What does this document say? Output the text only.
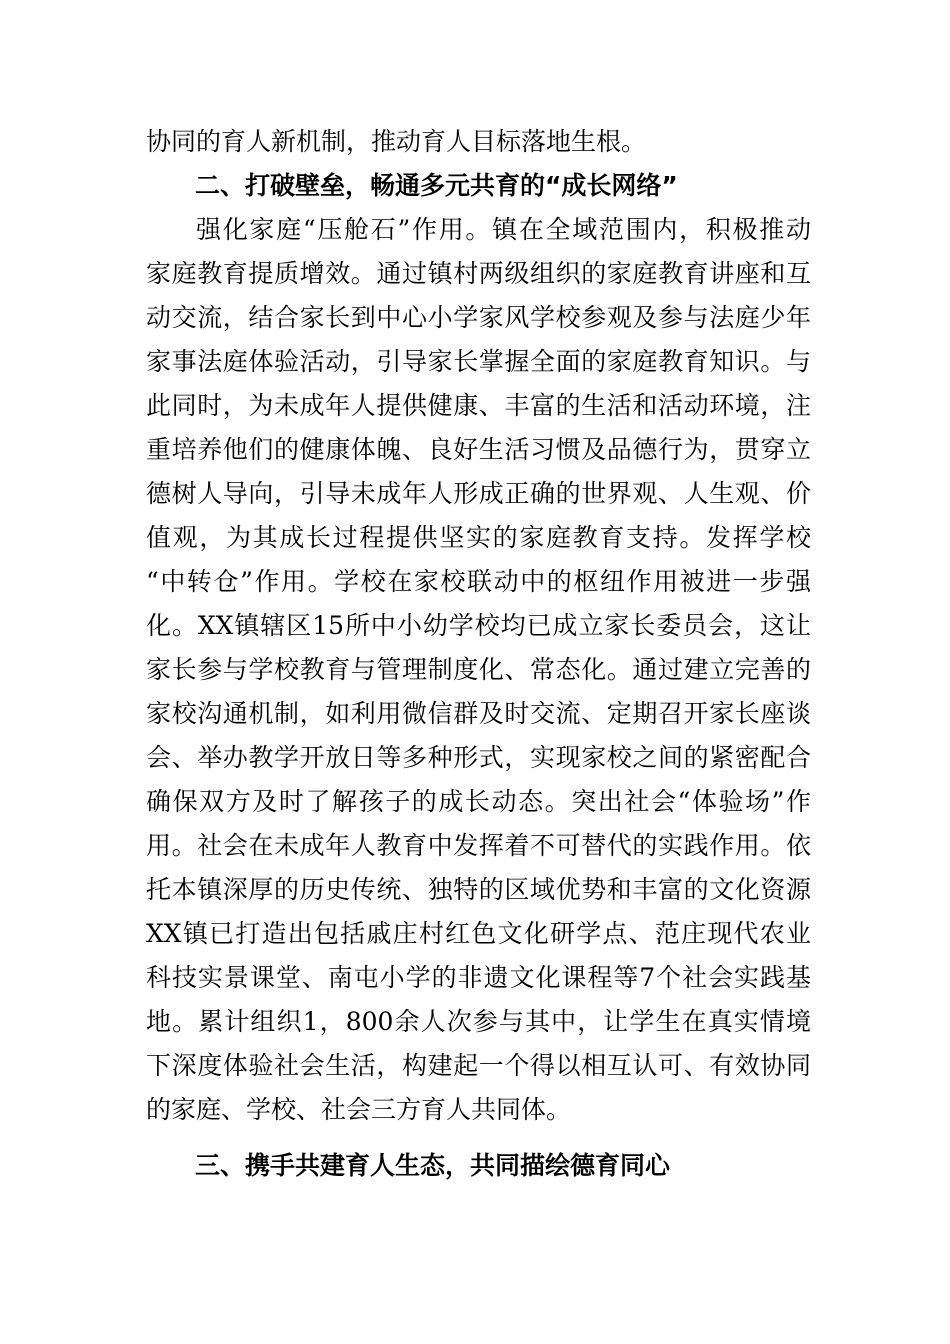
协同的育人新机制，推动育人目标落地生根。
二、打破壁垒，畅通多元共育的“成长网络”
强化家庭“压舱石”作用。镇在全域范围内，积极推动
家庭教育提质增效。通过镇村两级组织的家庭教育讲座和互
动交流，结合家长到中心小学家风学校参观及参与法庭少年
家事法庭体验活动，引导家长掌握全面的家庭教育知识。与
此同时，为未成年人提供健康、丰富的生活和活动环境，注
重培养他们的健康体魄、良好生活习惯及品德行为，贯穿立
德树人导向，引导未成年人形成正确的世界观、人生观、价
值观，为其成长过程提供坚实的家庭教育支持。发挥学校
“中转仓”作用。学校在家校联动中的枢纽作用被进一步强
化。XX镇辖区15所中小幼学校均已成立家长委员会，这让
家长参与学校教育与管理制度化、常态化。通过建立完善的
家校沟通机制，如利用微信群及时交流、定期召开家长座谈
会、举办教学开放日等多种形式，实现家校之间的紧密配合
确保双方及时了解孩子的成长动态。突出社会“体验场”作
用。社会在未成年人教育中发挥着不可替代的实践作用。依
托本镇深厚的历史传统、独特的区域优势和丰富的文化资源
XX镇已打造出包括戚庄村红色文化研学点、范庄现代农业
科技实景课堂、南屯小学的非遗文化课程等7个社会实践基
地。累计组织1，800余人次参与其中，让学生在真实情境
下深度体验社会生活，构建起一个得以相互认可、有效协同
的家庭、学校、社会三方育人共同体。
三、携手共建育人生态，共同描绘德育同心
